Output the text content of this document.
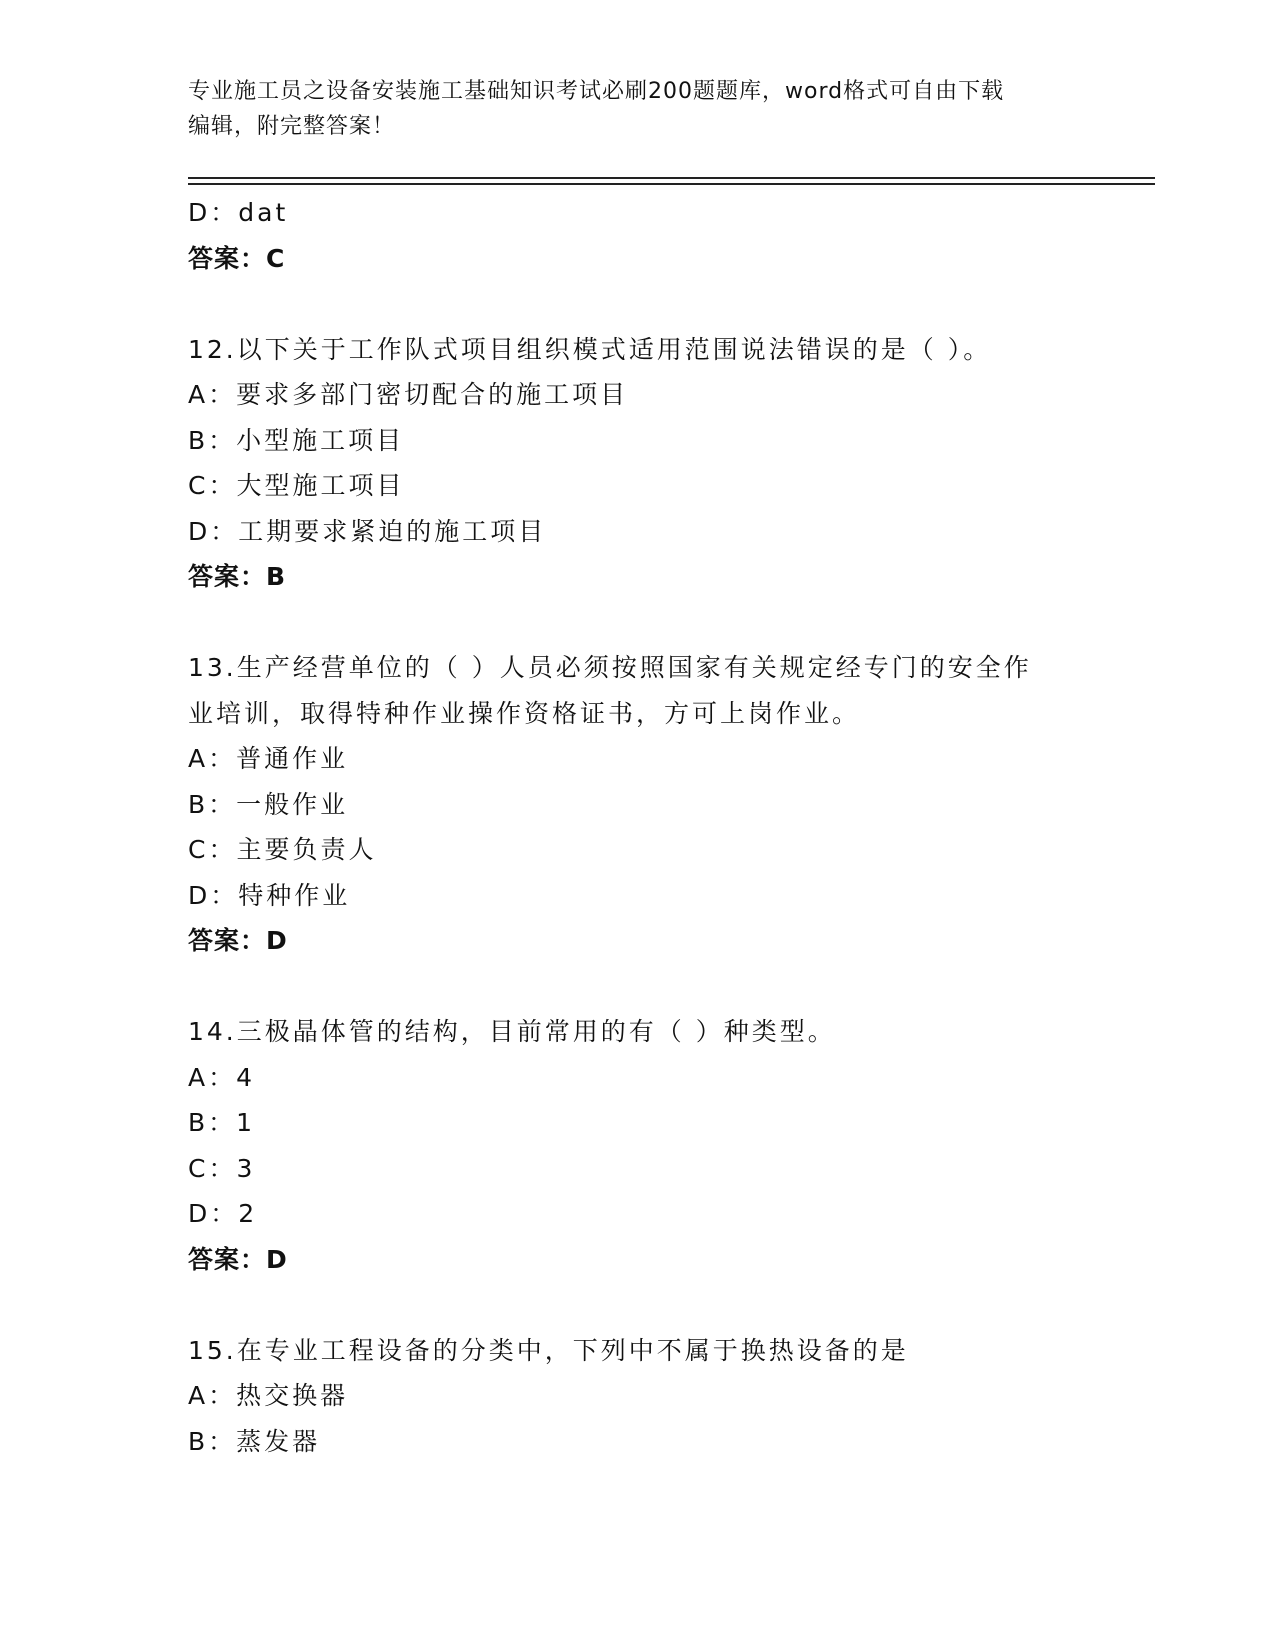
专业施工员之设备安装施工基础知识考试必刷200题题库，word格式可自由下载
编辑，附完整答案！
D：dat
答案：C
12.以下关于工作队式项目组织模式适用范围说法错误的是（ ）。
A：要求多部门密切配合的施工项目
B：小型施工项目
C：大型施工项目
D：工期要求紧迫的施工项目
答案：B
13.生产经营单位的（ ）人员必须按照国家有关规定经专门的安全作
业培训，取得特种作业操作资格证书，方可上岗作业。
A：普通作业
B：一般作业
C：主要负责人
D：特种作业
答案：D
14.三极晶体管的结构，目前常用的有（ ）种类型。
A：4
B：1
C：3
D：2
答案：D
15.在专业工程设备的分类中，下列中不属于换热设备的是
A：热交换器
B：蒸发器
